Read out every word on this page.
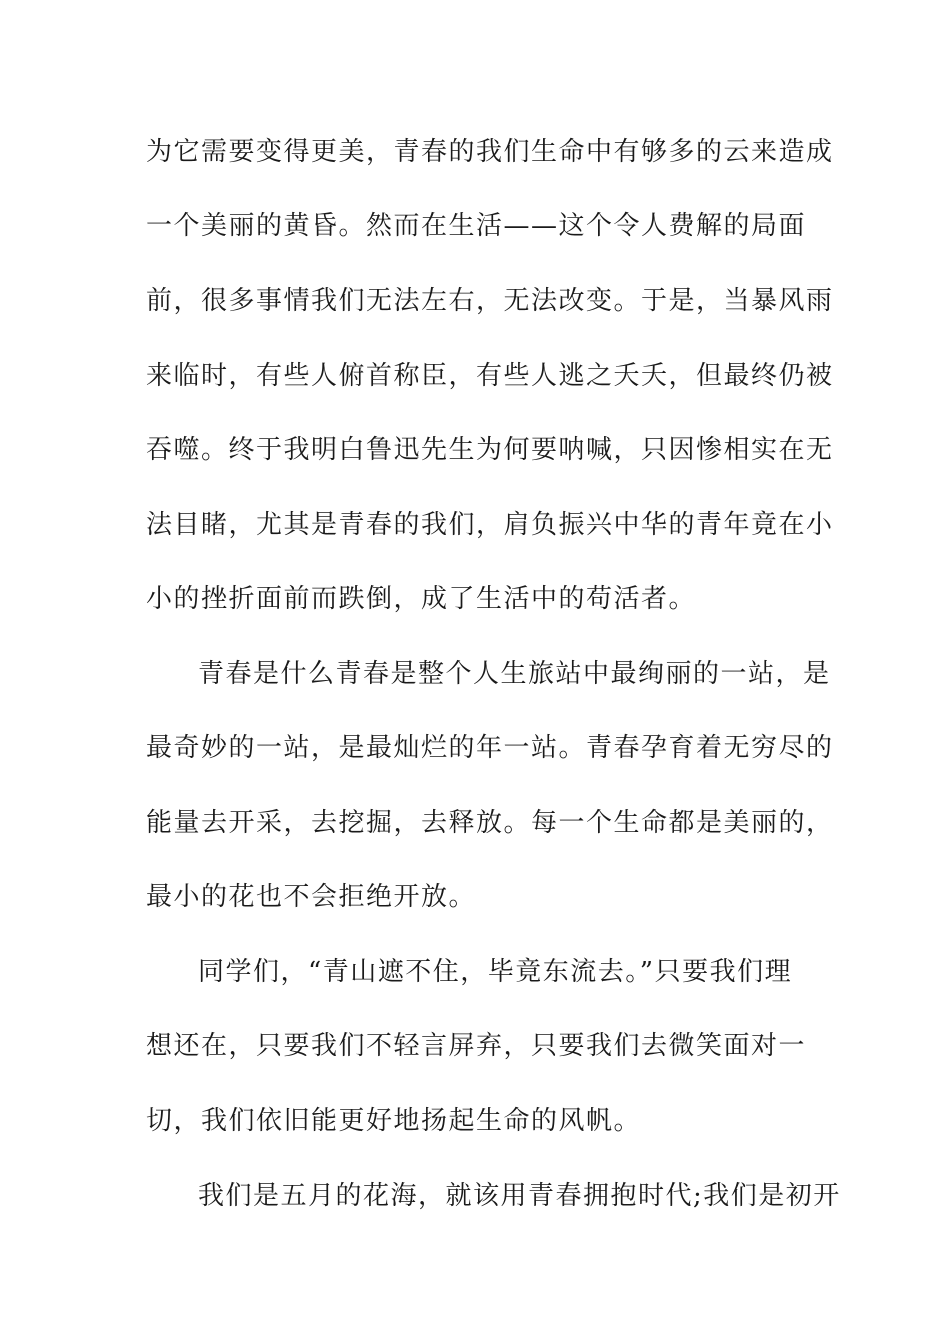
为它需要变得更美，青春的我们生命中有够多的云来造成
一个美丽的黄昏。然而在生活——这个令人费解的局面
前，很多事情我们无法左右，无法改变。于是，当暴风雨
来临时，有些人俯首称臣，有些人逃之夭夭，但最终仍被
吞噬。终于我明白鲁迅先生为何要呐喊，只因惨相实在无
法目睹，尤其是青春的我们，肩负振兴中华的青年竟在小
小的挫折面前而跌倒，成了生活中的苟活者。
青春是什么青春是整个人生旅站中最绚丽的一站，是
最奇妙的一站，是最灿烂的年一站。青春孕育着无穷尽的
能量去开采，去挖掘，去释放。每一个生命都是美丽的，
最小的花也不会拒绝开放。
同学们，“青山遮不住，毕竟东流去。”只要我们理
想还在，只要我们不轻言屏弃，只要我们去微笑面对一
切，我们依旧能更好地扬起生命的风帆。
我们是五月的花海，就该用青春拥抱时代;我们是初开
